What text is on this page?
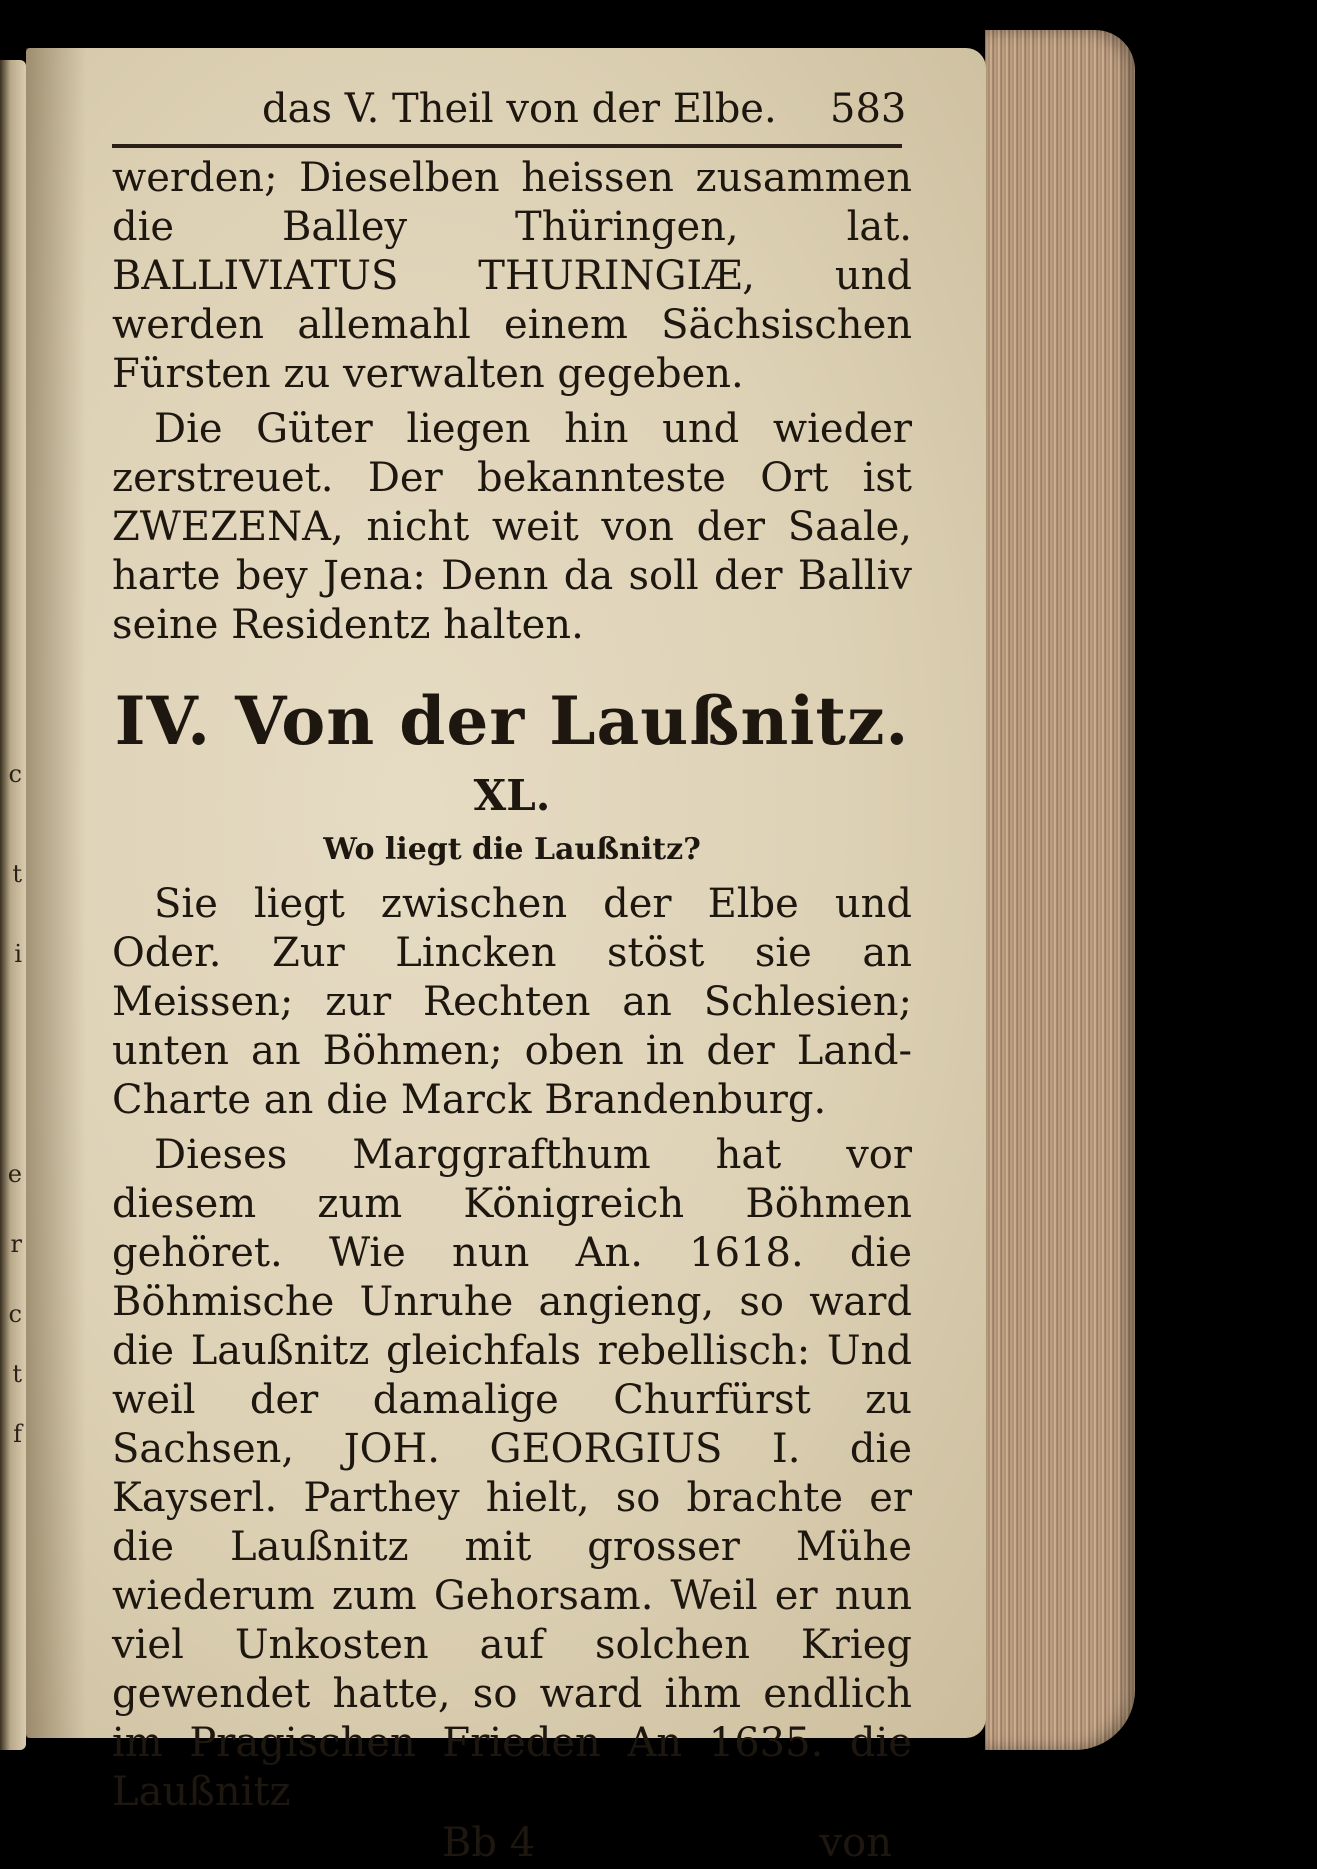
c
t
i
e
r
c
t
f
das V. Theil von der Elbe. 583

werden; Dieselben heissen zusammen die Balley Thüringen, lat. BALLIVIATUS THURINGIÆ, und werden allemahl einem Sächsischen Fürsten zu verwalten gegeben.

Die Güter liegen hin und wieder zerstreuet. Der bekannteste Ort ist ZWEZENA, nicht weit von der Saale, harte bey Jena: Denn da soll der Balliv seine Residentz halten.

IV. Von der Laußnitz.
XL.
Wo liegt die Laußnitz?

Sie liegt zwischen der Elbe und Oder. Zur Lincken stöst sie an Meissen; zur Rechten an Schlesien; unten an Böhmen; oben in der Land-Charte an die Marck Brandenburg.

Dieses Marggrafthum hat vor diesem zum Königreich Böhmen gehöret. Wie nun An. 1618. die Böhmische Unruhe angieng, so ward die Laußnitz gleichfals rebellisch: Und weil der damalige Churfürst zu Sachsen, JOH. GEORGIUS I. die Kayserl. Parthey hielt, so brachte er die Laußnitz mit grosser Mühe wiederum zum Gehorsam. Weil er nun viel Unkosten auf solchen Krieg gewendet hatte, so ward ihm endlich im Pragischen Frieden An 1635. die Laußnitz

Bb 4	von
